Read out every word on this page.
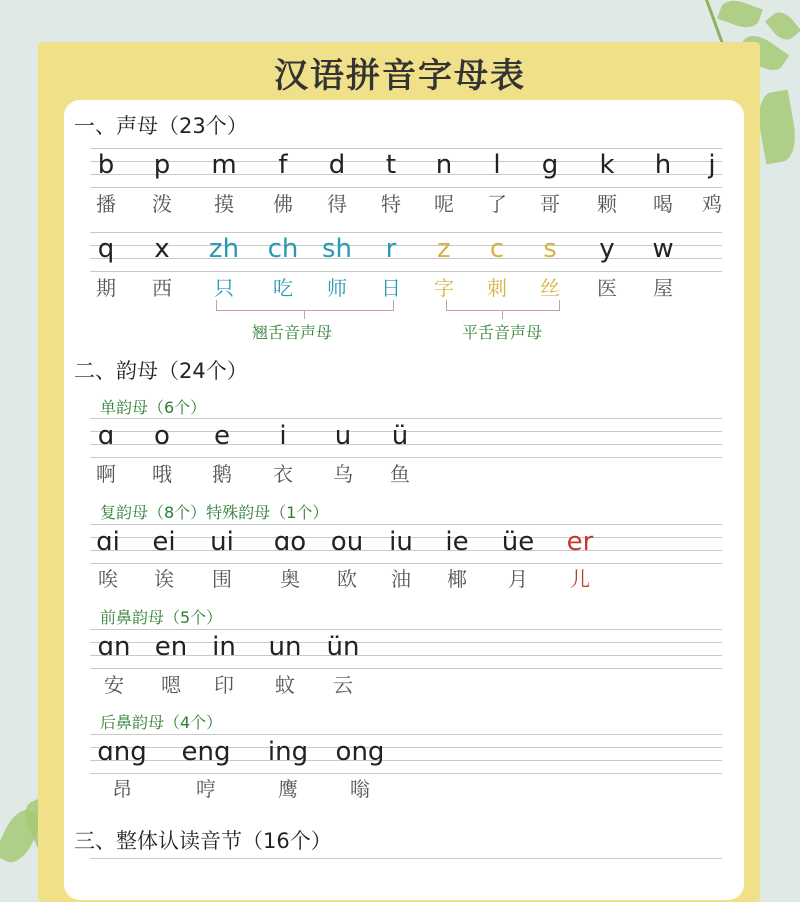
汉语拼音字母表
一、声母（23个）
b
播
p
泼
m
摸
f
佛
d
得
t
特
n
呢
l
了
g
哥
k
颗
h
喝
j
鸡
q
期
x
西
zh
只
ch
吃
sh
师
r
日
z
字
c
刺
s
丝
y
医
w
屋
翘舌音声母	平舌音声母
二、韵母（24个）
单韵母（6个）
ɑ
啊
o
哦
e
鹅
i
衣
u
乌
ü
鱼
复韵母（8个）特殊韵母（1个）
ɑi
唉
ei
诶
ui
围
ɑo
奥
ou
欧
iu
油
ie
椰
üe
月
er
儿
前鼻韵母（5个）
ɑn
安
en
嗯
in
印
un
蚊
ün
云
后鼻韵母（4个）
ɑng
昂
eng
哼
ing
鹰
ong
嗡
三、整体认读音节（16个）
